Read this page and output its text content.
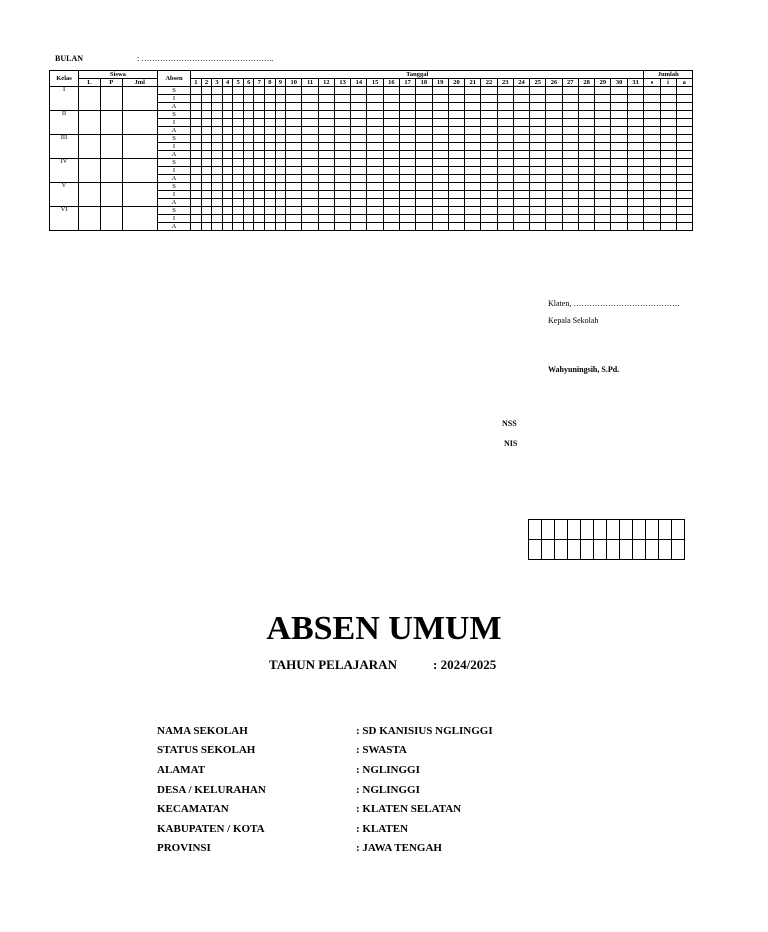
BULAN	: …………………………………………..
Kelas	Siswa			Absen	Tanggal																															Jumlah		
	L	P	Jml		1	2	3	4	5	6	7	8	9	10	11	12	13	14	15	16	17	18	19	20	21	22	23	24	25	26	27	28	29	30	31	s	i	a
I				S																																		
				I																																		
				A																																		
II				S																																		
				I																																		
				A																																		
III				S																																		
				I																																		
				A																																		
IV				S																																		
				I																																		
				A																																		
V				S																																		
				I																																		
				A																																		
VI				S																																		
				I																																		
				A																																		
Klaten, ………………………………….
Kepala Sekolah
Wahyuningsih, S.Pd.
NSS
NIS

ABSEN UMUM
TAHUN PELAJARAN	: 2024/2025
NAMA SEKOLAH	: SD KANISIUS NGLINGGI
STATUS SEKOLAH	: SWASTA
ALAMAT	: NGLINGGI
DESA / KELURAHAN	: NGLINGGI
KECAMATAN	: KLATEN SELATAN
KABUPATEN / KOTA	: KLATEN
PROVINSI	: JAWA TENGAH
